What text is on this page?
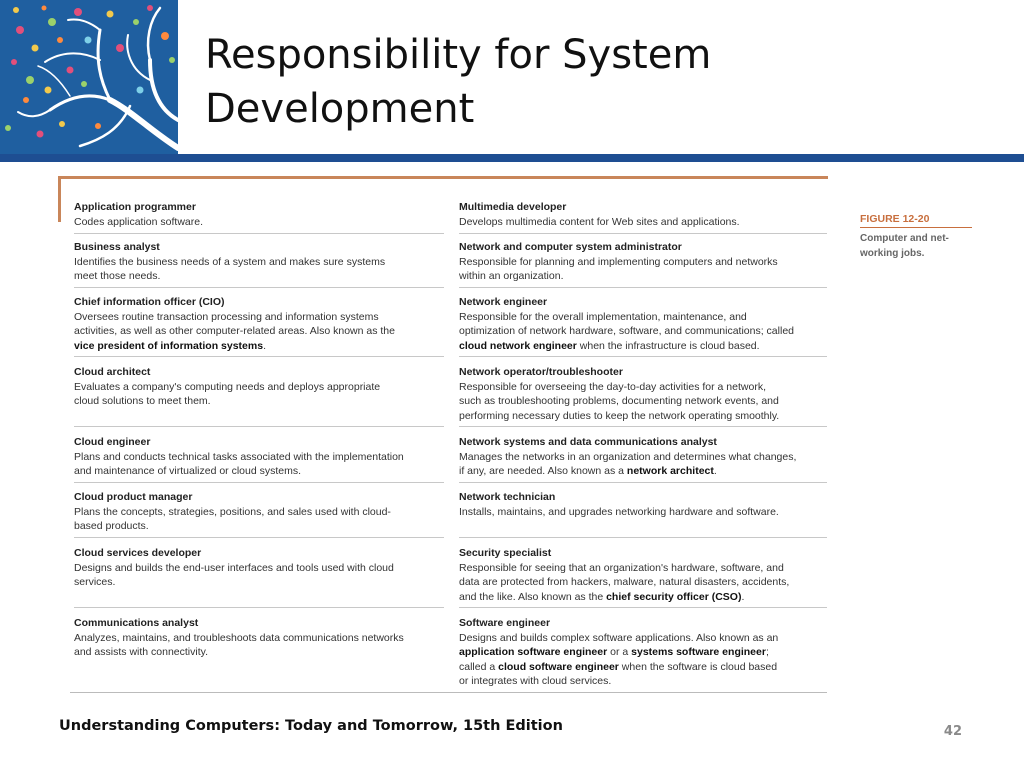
Responsibility for System
Development
Application programmer
Codes application software.
Business analyst
Identifies the business needs of a system and makes sure systems
meet those needs.
Chief information officer (CIO)
Oversees routine transaction processing and information systems
activities, as well as other computer-related areas. Also known as the
vice president of information systems.
Cloud architect
Evaluates a company's computing needs and deploys appropriate
cloud solutions to meet them.
Cloud engineer
Plans and conducts technical tasks associated with the implementation
and maintenance of virtualized or cloud systems.
Cloud product manager
Plans the concepts, strategies, positions, and sales used with cloud-
based products.
Cloud services developer
Designs and builds the end-user interfaces and tools used with cloud
services.
Communications analyst
Analyzes, maintains, and troubleshoots data communications networks
and assists with connectivity.
Multimedia developer
Develops multimedia content for Web sites and applications.
Network and computer system administrator
Responsible for planning and implementing computers and networks
within an organization.
Network engineer
Responsible for the overall implementation, maintenance, and
optimization of network hardware, software, and communications; called
cloud network engineer when the infrastructure is cloud based.
Network operator/troubleshooter
Responsible for overseeing the day-to-day activities for a network,
such as troubleshooting problems, documenting network events, and
performing necessary duties to keep the network operating smoothly.
Network systems and data communications analyst
Manages the networks in an organization and determines what changes,
if any, are needed. Also known as a network architect.
Network technician
Installs, maintains, and upgrades networking hardware and software.
Security specialist
Responsible for seeing that an organization's hardware, software, and
data are protected from hackers, malware, natural disasters, accidents,
and the like. Also known as the chief security officer (CSO).
Software engineer
Designs and builds complex software applications. Also known as an
application software engineer or a systems software engineer;
called a cloud software engineer when the software is cloud based
or integrates with cloud services.
FIGURE 12-20
Computer and net-
working jobs.
Understanding Computers: Today and Tomorrow, 15th Edition	42
